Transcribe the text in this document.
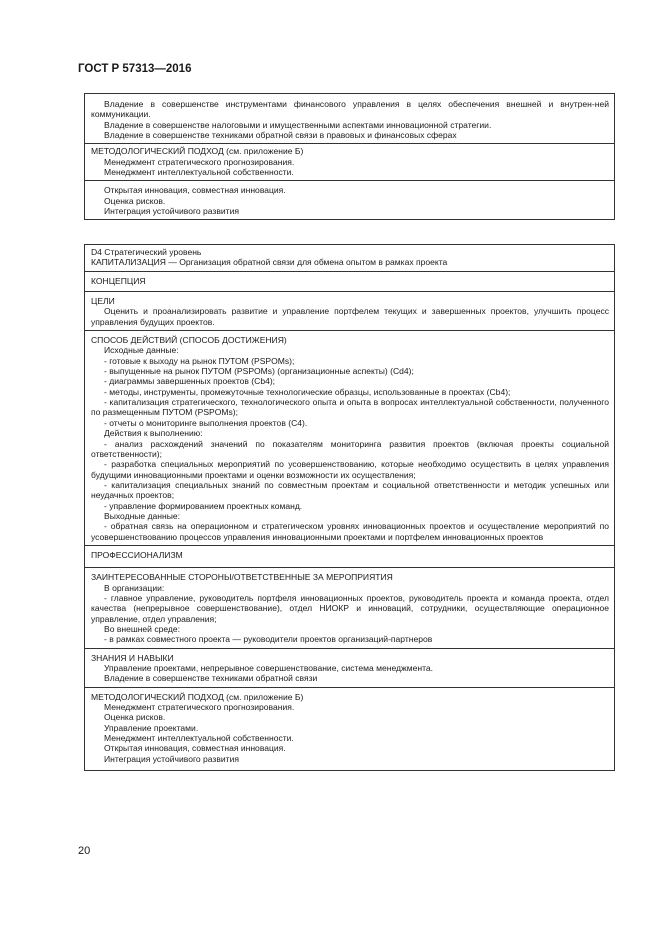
ГОСТ Р 57313—2016
Владение в совершенстве инструментами финансового управления в целях обеспечения внешней и внутрен-ней коммуникации.
Владение в совершенстве налоговыми и имущественными аспектами инновационной стратегии.
Владение в совершенстве техниками обратной связи в правовых и финансовых сферах
МЕТОДОЛОГИЧЕСКИЙ ПОДХОД (см. приложение Б)
Менеджмент стратегического прогнозирования.
Менеджмент интеллектуальной собственности.
Открытая инновация, совместная инновация.
Оценка рисков.
Интеграция устойчивого развития
D4 Стратегический уровень
КАПИТАЛИЗАЦИЯ — Организация обратной связи для обмена опытом в рамках проекта
КОНЦЕПЦИЯ
ЦЕЛИ
Оценить и проанализировать развитие и управление портфелем текущих и завершенных проектов, улучшить процесс управления будущих проектов.
СПОСОБ ДЕЙСТВИЙ (СПОСОБ ДОСТИЖЕНИЯ)
Исходные данные:
- готовые к выходу на рынок ПУТОМ (PSPOMs);
- выпущенные на рынок ПУТОМ (PSPOMs) (организационные аспекты) (Cd4);
- диаграммы завершенных проектов (Cb4);
- методы, инструменты, промежуточные технологические образцы, использованные в проектах (Cb4);
- капитализация стратегического, технологического опыта и опыта в вопросах интеллектуальной собственности, полученного по размещенным ПУТОМ (PSPOMs);
- отчеты о мониторинге выполнения проектов (C4).
Действия к выполнению:
- анализ расхождений значений по показателям мониторинга развития проектов (включая проекты социальной ответственности);
- разработка специальных мероприятий по усовершенствованию, которые необходимо осуществить в целях управления будущими инновационными проектами и оценки возможности их осуществления;
- капитализация специальных знаний по совместным проектам и социальной ответственности и методик успешных или неудачных проектов;
- управление формированием проектных команд.
Выходные данные:
- обратная связь на операционном и стратегическом уровнях инновационных проектов и осуществление мероприятий по усовершенствованию процессов управления инновационными проектами и портфелем инновационных проектов
ПРОФЕССИОНАЛИЗМ
ЗАИНТЕРЕСОВАННЫЕ СТОРОНЫ/ОТВЕТСТВЕННЫЕ ЗА МЕРОПРИЯТИЯ
В организации:
- главное управление, руководитель портфеля инновационных проектов, руководитель проекта и команда проекта, отдел качества (непрерывное совершенствование), отдел НИОКР и инноваций, сотрудники, осуществляющие операционное управление, отдел управления;
Во внешней среде:
- в рамках совместного проекта — руководители проектов организаций-партнеров
ЗНАНИЯ И НАВЫКИ
Управление проектами, непрерывное совершенствование, система менеджмента.
Владение в совершенстве техниками обратной связи
МЕТОДОЛОГИЧЕСКИЙ ПОДХОД (см. приложение Б)
Менеджмент стратегического прогнозирования.
Оценка рисков.
Управление проектами.
Менеджмент интеллектуальной собственности.
Открытая инновация, совместная инновация.
Интеграция устойчивого развития
20
